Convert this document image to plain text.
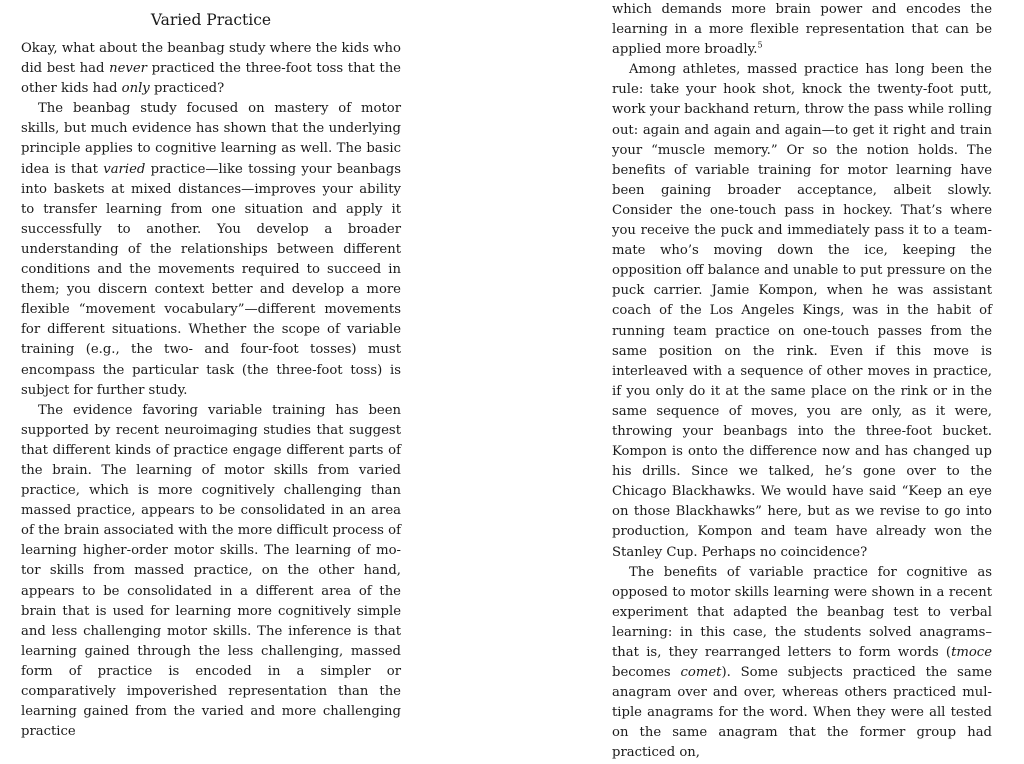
Varied Practice

Okay, what about the beanbag study where the kids who did best had never practiced the three-foot toss that the other kids had only practiced?

The beanbag study focused on mastery of motor skills, but much evidence has shown that the underlying principle applies to cognitive learning as well. The basic idea is that varied practice—like tossing your beanbags into baskets at mixed distances—improves your ability to transfer learning from one situation and apply it successfully to another. You develop a broader understanding of the relationships between different conditions and the movements required to succeed in them; you discern context better and develop a more flexible “movement vocabulary”—different movements for different situations. Whether the scope of variable training (e.g., the two- and four-foot tosses) must encompass the particular task (the three-foot toss) is subject for further study.

The evidence favoring variable training has been supported by recent neuroimaging studies that suggest that different kinds of practice engage different parts of the brain. The learning of motor skills from varied practice, which is more cognitively challenging than massed practice, appears to be consolidated in an area of the brain associated with the more difficult process of learning higher-order motor skills. The learning of motor skills from massed practice, on the other hand, appears to be consolidated in a different area of the brain that is used for learning more cognitively simple and less challenging motor skills. The inference is that learning gained through the less challenging, massed form of practice is encoded in a simpler or comparatively impoverished representation than the learning gained from the varied and more challenging practice

which demands more brain power and encodes the learning in a more flexible representation that can be applied more broadly.$^5$

Among athletes, massed practice has long been the rule: take your hook shot, knock the twenty-foot putt, work your backhand return, throw the pass while rolling out: again and again and again—to get it right and train your “muscle memory.” Or so the notion holds. The benefits of variable training for motor learning have been gaining broader acceptance, albeit slowly. Consider the one-touch pass in hockey. That’s where you receive the puck and immediately pass it to a teammate who’s moving down the ice, keeping the opposition off balance and unable to put pressure on the puck carrier. Jamie Kompon, when he was assistant coach of the Los Angeles Kings, was in the habit of running team practice on one-touch passes from the same position on the rink. Even if this move is interleaved with a sequence of other moves in practice, if you only do it at the same place on the rink or in the same sequence of moves, you are only, as it were, throwing your beanbags into the three-foot bucket. Kompon is onto the difference now and has changed up his drills. Since we talked, he’s gone over to the Chicago Blackhawks. We would have said “Keep an eye on those Blackhawks” here, but as we revise to go into production, Kompon and team have already won the Stanley Cup. Perhaps no coincidence?

The benefits of variable practice for cognitive as opposed to motor skills learning were shown in a recent experiment that adapted the beanbag test to verbal learning: in this case, the students solved anagrams–that is, they rearranged letters to form words (tmoce becomes comet). Some subjects practiced the same anagram over and over, whereas others practiced multiple anagrams for the word. When they were all tested on the same anagram that the former group had practiced on,
